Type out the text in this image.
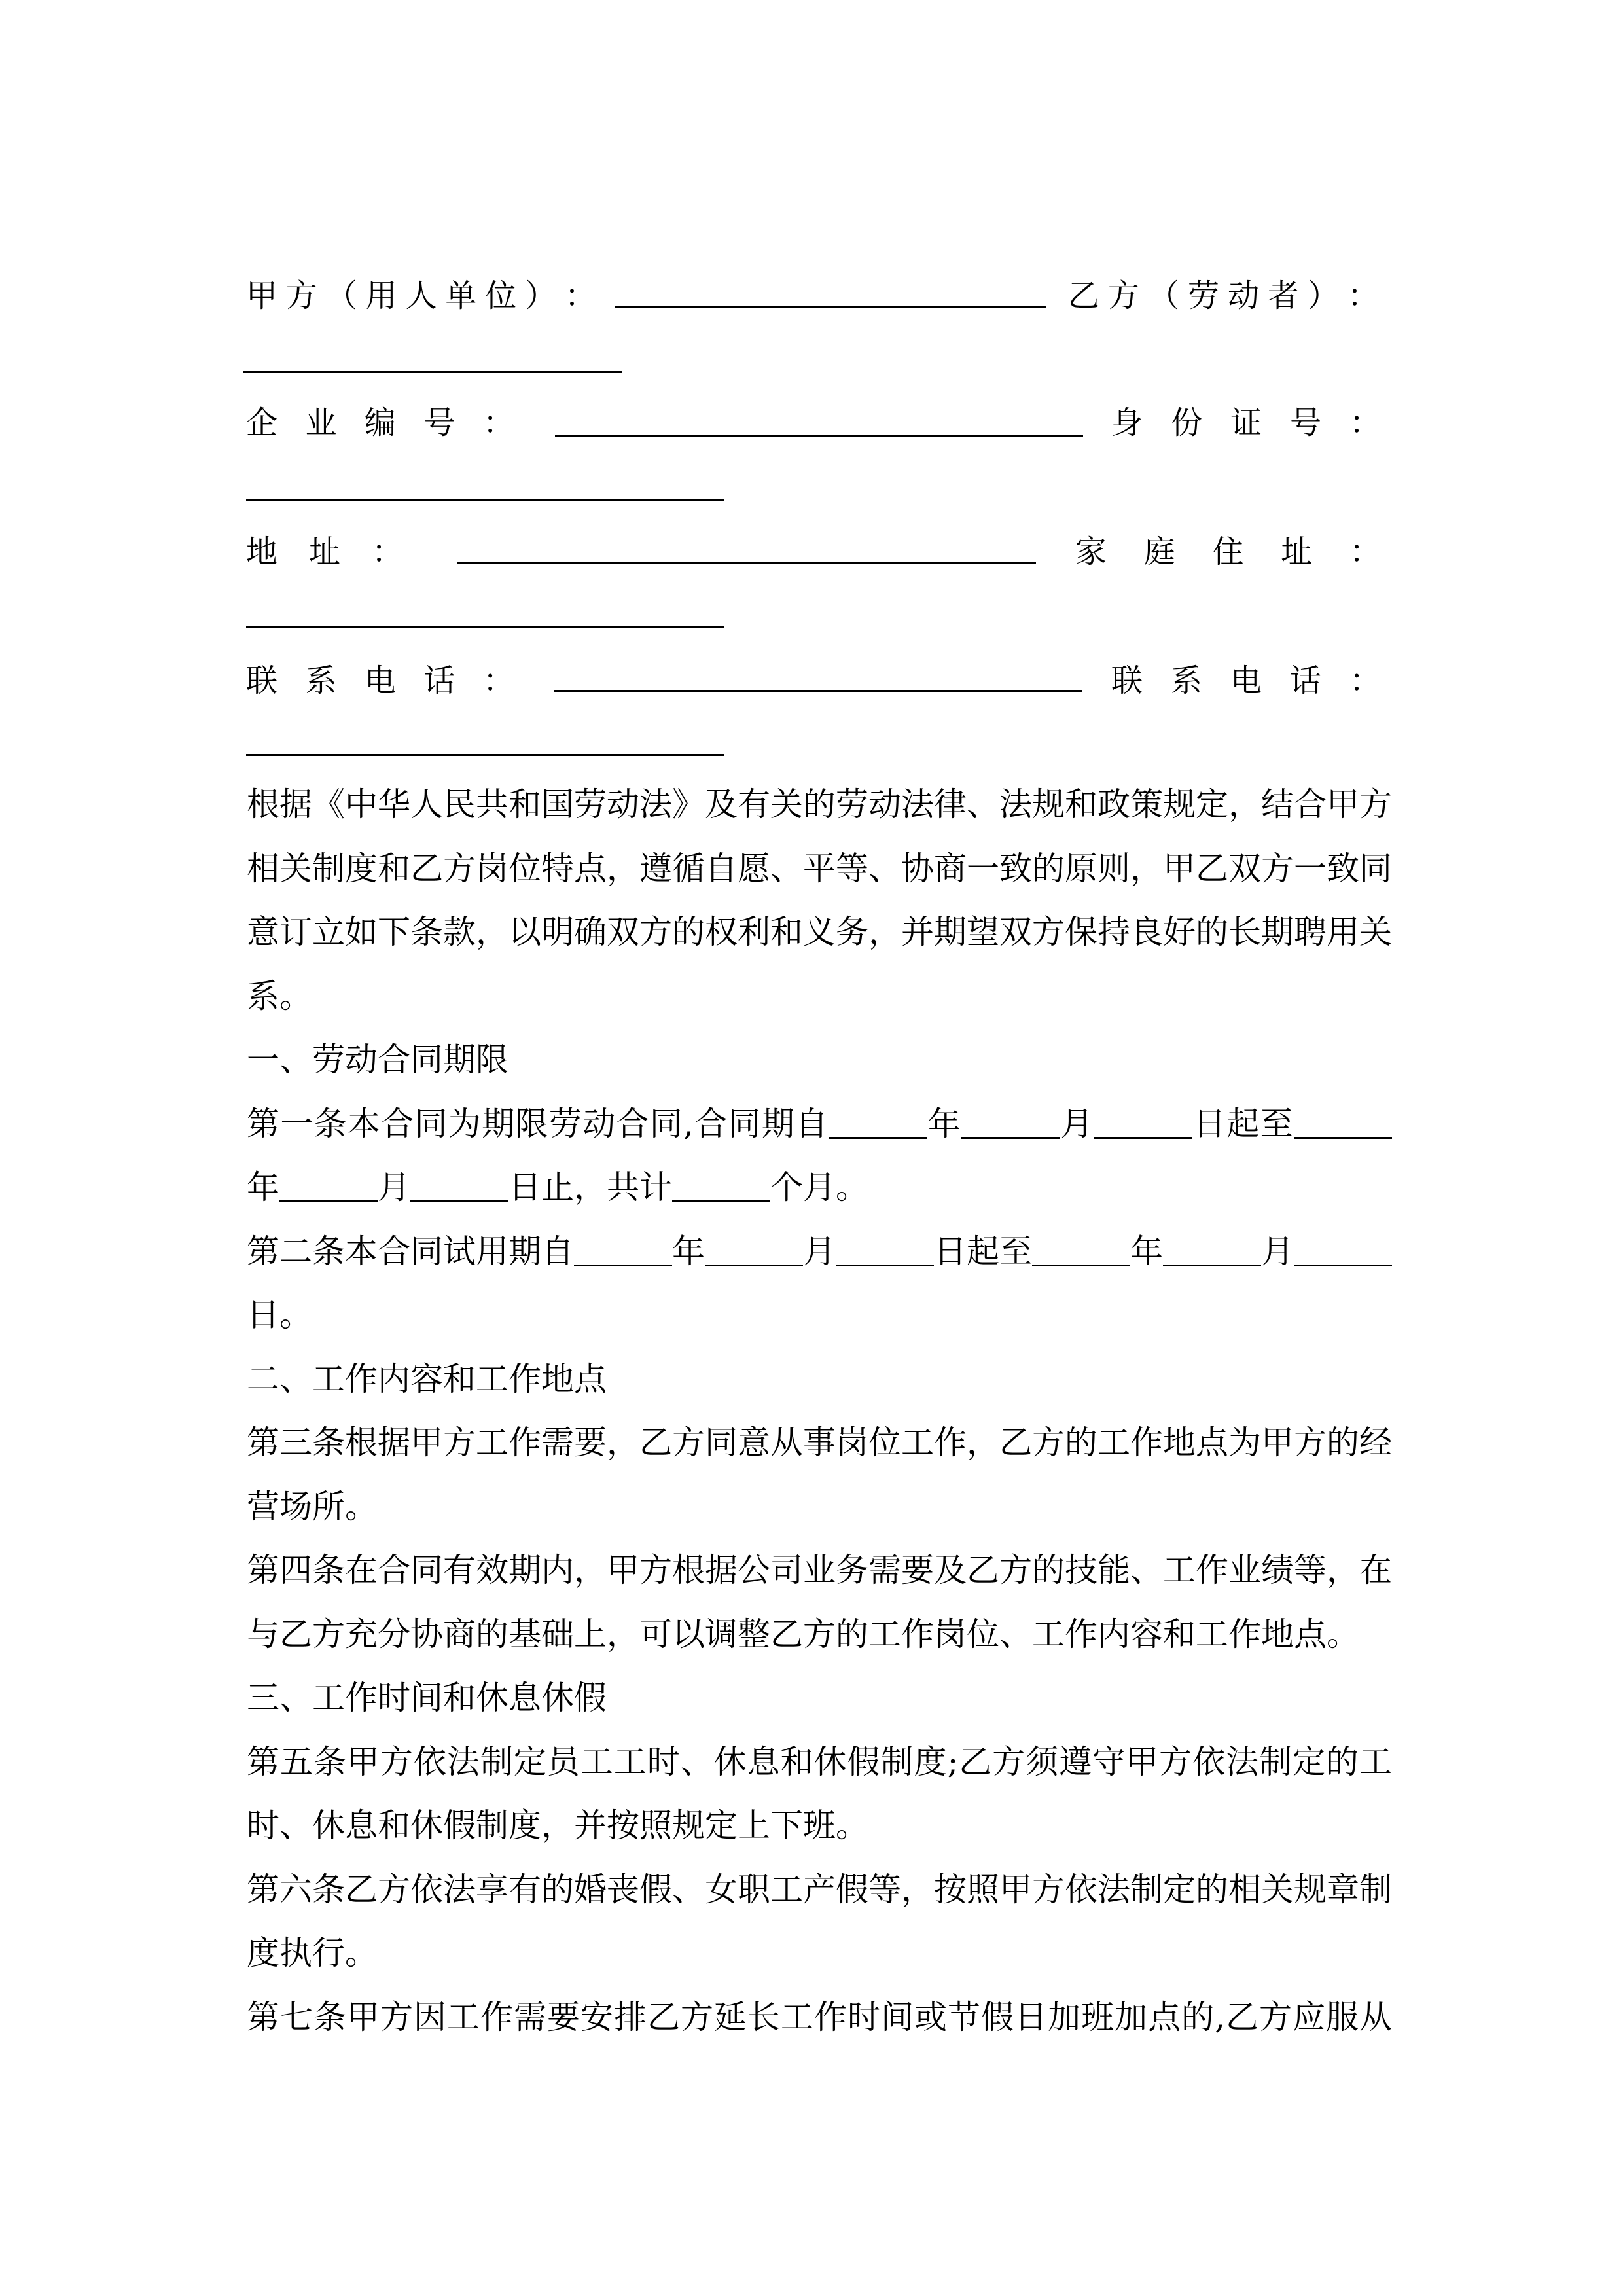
甲 方 （ 用 人 单 位 ） ：	乙 方 （ 劳 动 者 ） ：
企 业 编 号 ：	身 份 证 号 ：
地 址 ：	家 庭 住 址 ：
联 系 电 话 ：	联 系 电 话 ：
根据《中华人民共和国劳动法》及有关的劳动法律、法规和政策规定，结合甲方
相关制度和乙方岗位特点，遵循自愿、平等、协商一致的原则，甲乙双方一致同
意订立如下条款，以明确双方的权利和义务，并期望双方保持良好的长期聘用关
系。
一、劳动合同期限
第一条本合同为期限劳动合同,合同期自	年	月	日起至
年	月	日止，共计	个月。
第二条本合同试用期自	年	月	日起至	年	月
日。
二、工作内容和工作地点
第三条根据甲方工作需要，乙方同意从事岗位工作，乙方的工作地点为甲方的经
营场所。
第四条在合同有效期内，甲方根据公司业务需要及乙方的技能、工作业绩等，在
与乙方充分协商的基础上，可以调整乙方的工作岗位、工作内容和工作地点。
三、工作时间和休息休假
第五条甲方依法制定员工工时、休息和休假制度;乙方须遵守甲方依法制定的工
时、休息和休假制度，并按照规定上下班。
第六条乙方依法享有的婚丧假、女职工产假等，按照甲方依法制定的相关规章制
度执行。
第七条甲方因工作需要安排乙方延长工作时间或节假日加班加点的,乙方应服从
